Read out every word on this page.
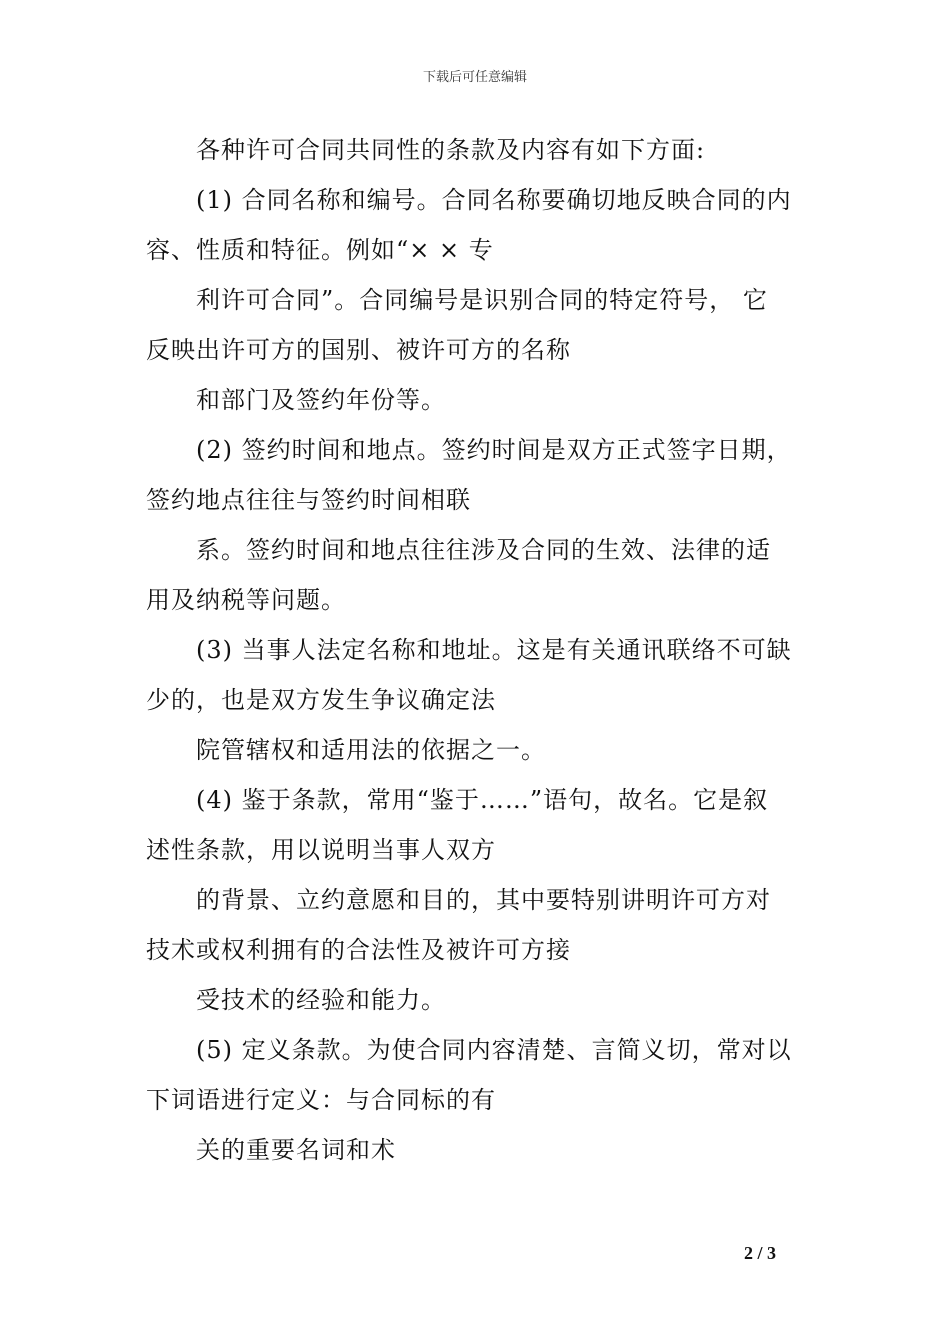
下载后可任意编辑
各种许可合同共同性的条款及内容有如下方面:
(1) 合同名称和编号。合同名称要确切地反映合同的内
容、性质和特征。例如“× × 专
利许可合同”。合同编号是识别合同的特定符号， 它
反映出许可方的国别、被许可方的名称
和部门及签约年份等。
(2) 签约时间和地点。签约时间是双方正式签字日期，
签约地点往往与签约时间相联
系。签约时间和地点往往涉及合同的生效、法律的适
用及纳税等问题。
(3) 当事人法定名称和地址。这是有关通讯联络不可缺
少的，也是双方发生争议确定法
院管辖权和适用法的依据之一。
(4) 鉴于条款，常用“鉴于……”语句，故名。它是叙
述性条款，用以说明当事人双方
的背景、立约意愿和目的，其中要特别讲明许可方对
技术或权利拥有的合法性及被许可方接
受技术的经验和能力。
(5) 定义条款。为使合同内容清楚、言简义切，常对以
下词语进行定义：与合同标的有
关的重要名词和术
2 / 3
